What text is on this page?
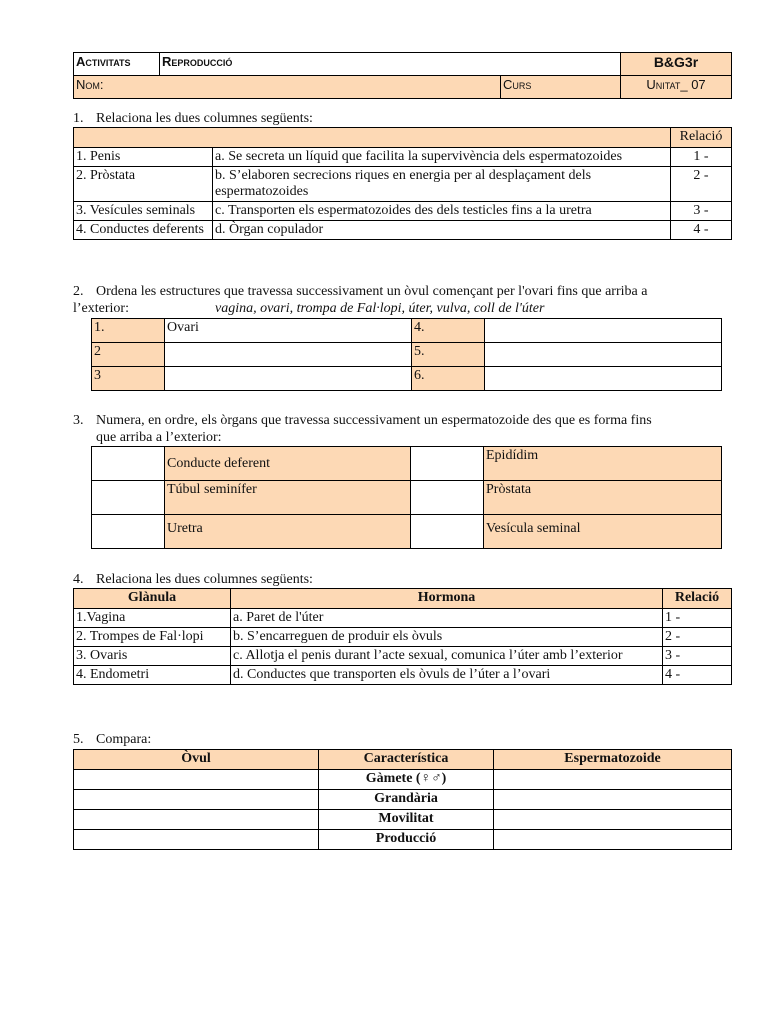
Activitats	Reproducció		B&G3r
Nom:		Curs	Unitat_ 07
1. Relaciona les dues columnes següents:
		Relació
1. Penis	a. Se secreta un líquid que facilita la supervivència dels espermatozoides	1 -
2. Pròstata	b. S’elaboren secrecions riques en energia per al desplaçament dels espermatozoides	2 -
3. Vesícules seminals	c. Transporten els espermatozoides des dels testicles fins a la uretra	3 -
4. Conductes deferents	d. Òrgan copulador	4 -
2. Ordena les estructures que travessa successivament un òvul començant per l'ovari fins que arriba a
l’exterior:	vagina, ovari, trompa de Fal·lopi, úter, vulva, coll de l'úter
1.	Ovari	4.	
2		5.	
3		6.	
3. Numera, en ordre, els òrgans que travessa successivament un espermatozoide des que es forma fins
que arriba a l’exterior:
	Conducte deferent		Epidídim
	Túbul seminífer		Pròstata
	Uretra		Vesícula seminal
4. Relaciona les dues columnes següents:
Glànula	Hormona	Relació
1.Vagina	a. Paret de l'úter	1 -
2. Trompes de Fal·lopi	b. S’encarreguen de produir els òvuls	2 -
3. Ovaris	c. Allotja el penis durant l’acte sexual, comunica l’úter amb l’exterior	3 -
4. Endometri	d. Conductes que transporten els òvuls de l’úter a l’ovari	4 -
5. Compara:
Òvul	Característica	Espermatozoide
	Gàmete (♀♂)	
	Grandària	
	Movilitat	
	Producció	
